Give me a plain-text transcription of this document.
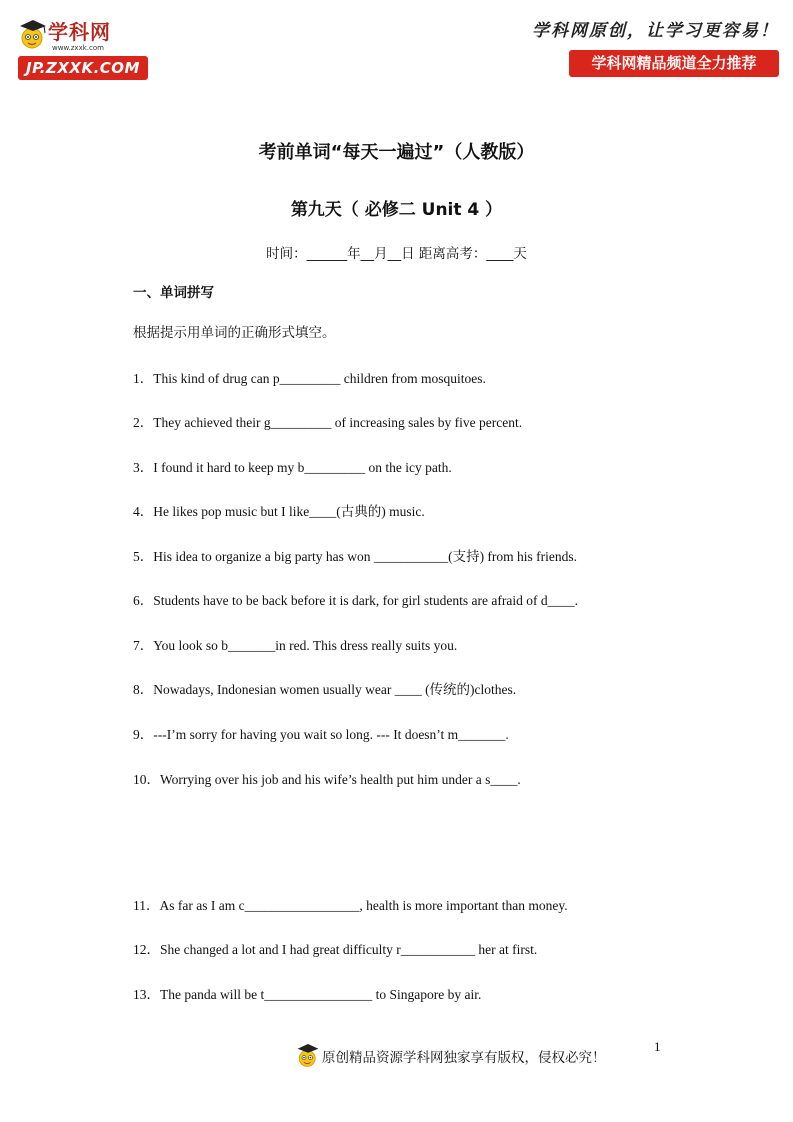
学科网
www.zxxk.com
JP.ZXXK.COM
学科网原创，让学习更容易！
学科网精品频道全力推荐
考前单词“每天一遍过”（人教版）
第九天（ 必修二 Unit 4 ）
时间：______年__月__日 距离高考：____天
一、单词拼写
根据提示用单词的正确形式填空。
1．This kind of drug can p_________ children from mosquitoes.
2．They achieved their g_________ of increasing sales by five percent.
3．I found it hard to keep my b_________ on the icy path.
4．He likes pop music but I like____(古典的) music.
5．His idea to organize a big party has won ___________(支持) from his friends.
6．Students have to be back before it is dark, for girl students are afraid of d____.
7．You look so b_______in red. This dress really suits you.
8．Nowadays, Indonesian women usually wear ____ (传统的)clothes.
9．---I’m sorry for having you wait so long. --- It doesn’t m_______.
10．Worrying over his job and his wife’s health put him under a s____.
11．As far as I am c_________________, health is more important than money.
12．She changed a lot and I had great difficulty r___________ her at first.
13．The panda will be t________________ to Singapore by air.
原创精品资源学科网独家享有版权，侵权必究！
1
